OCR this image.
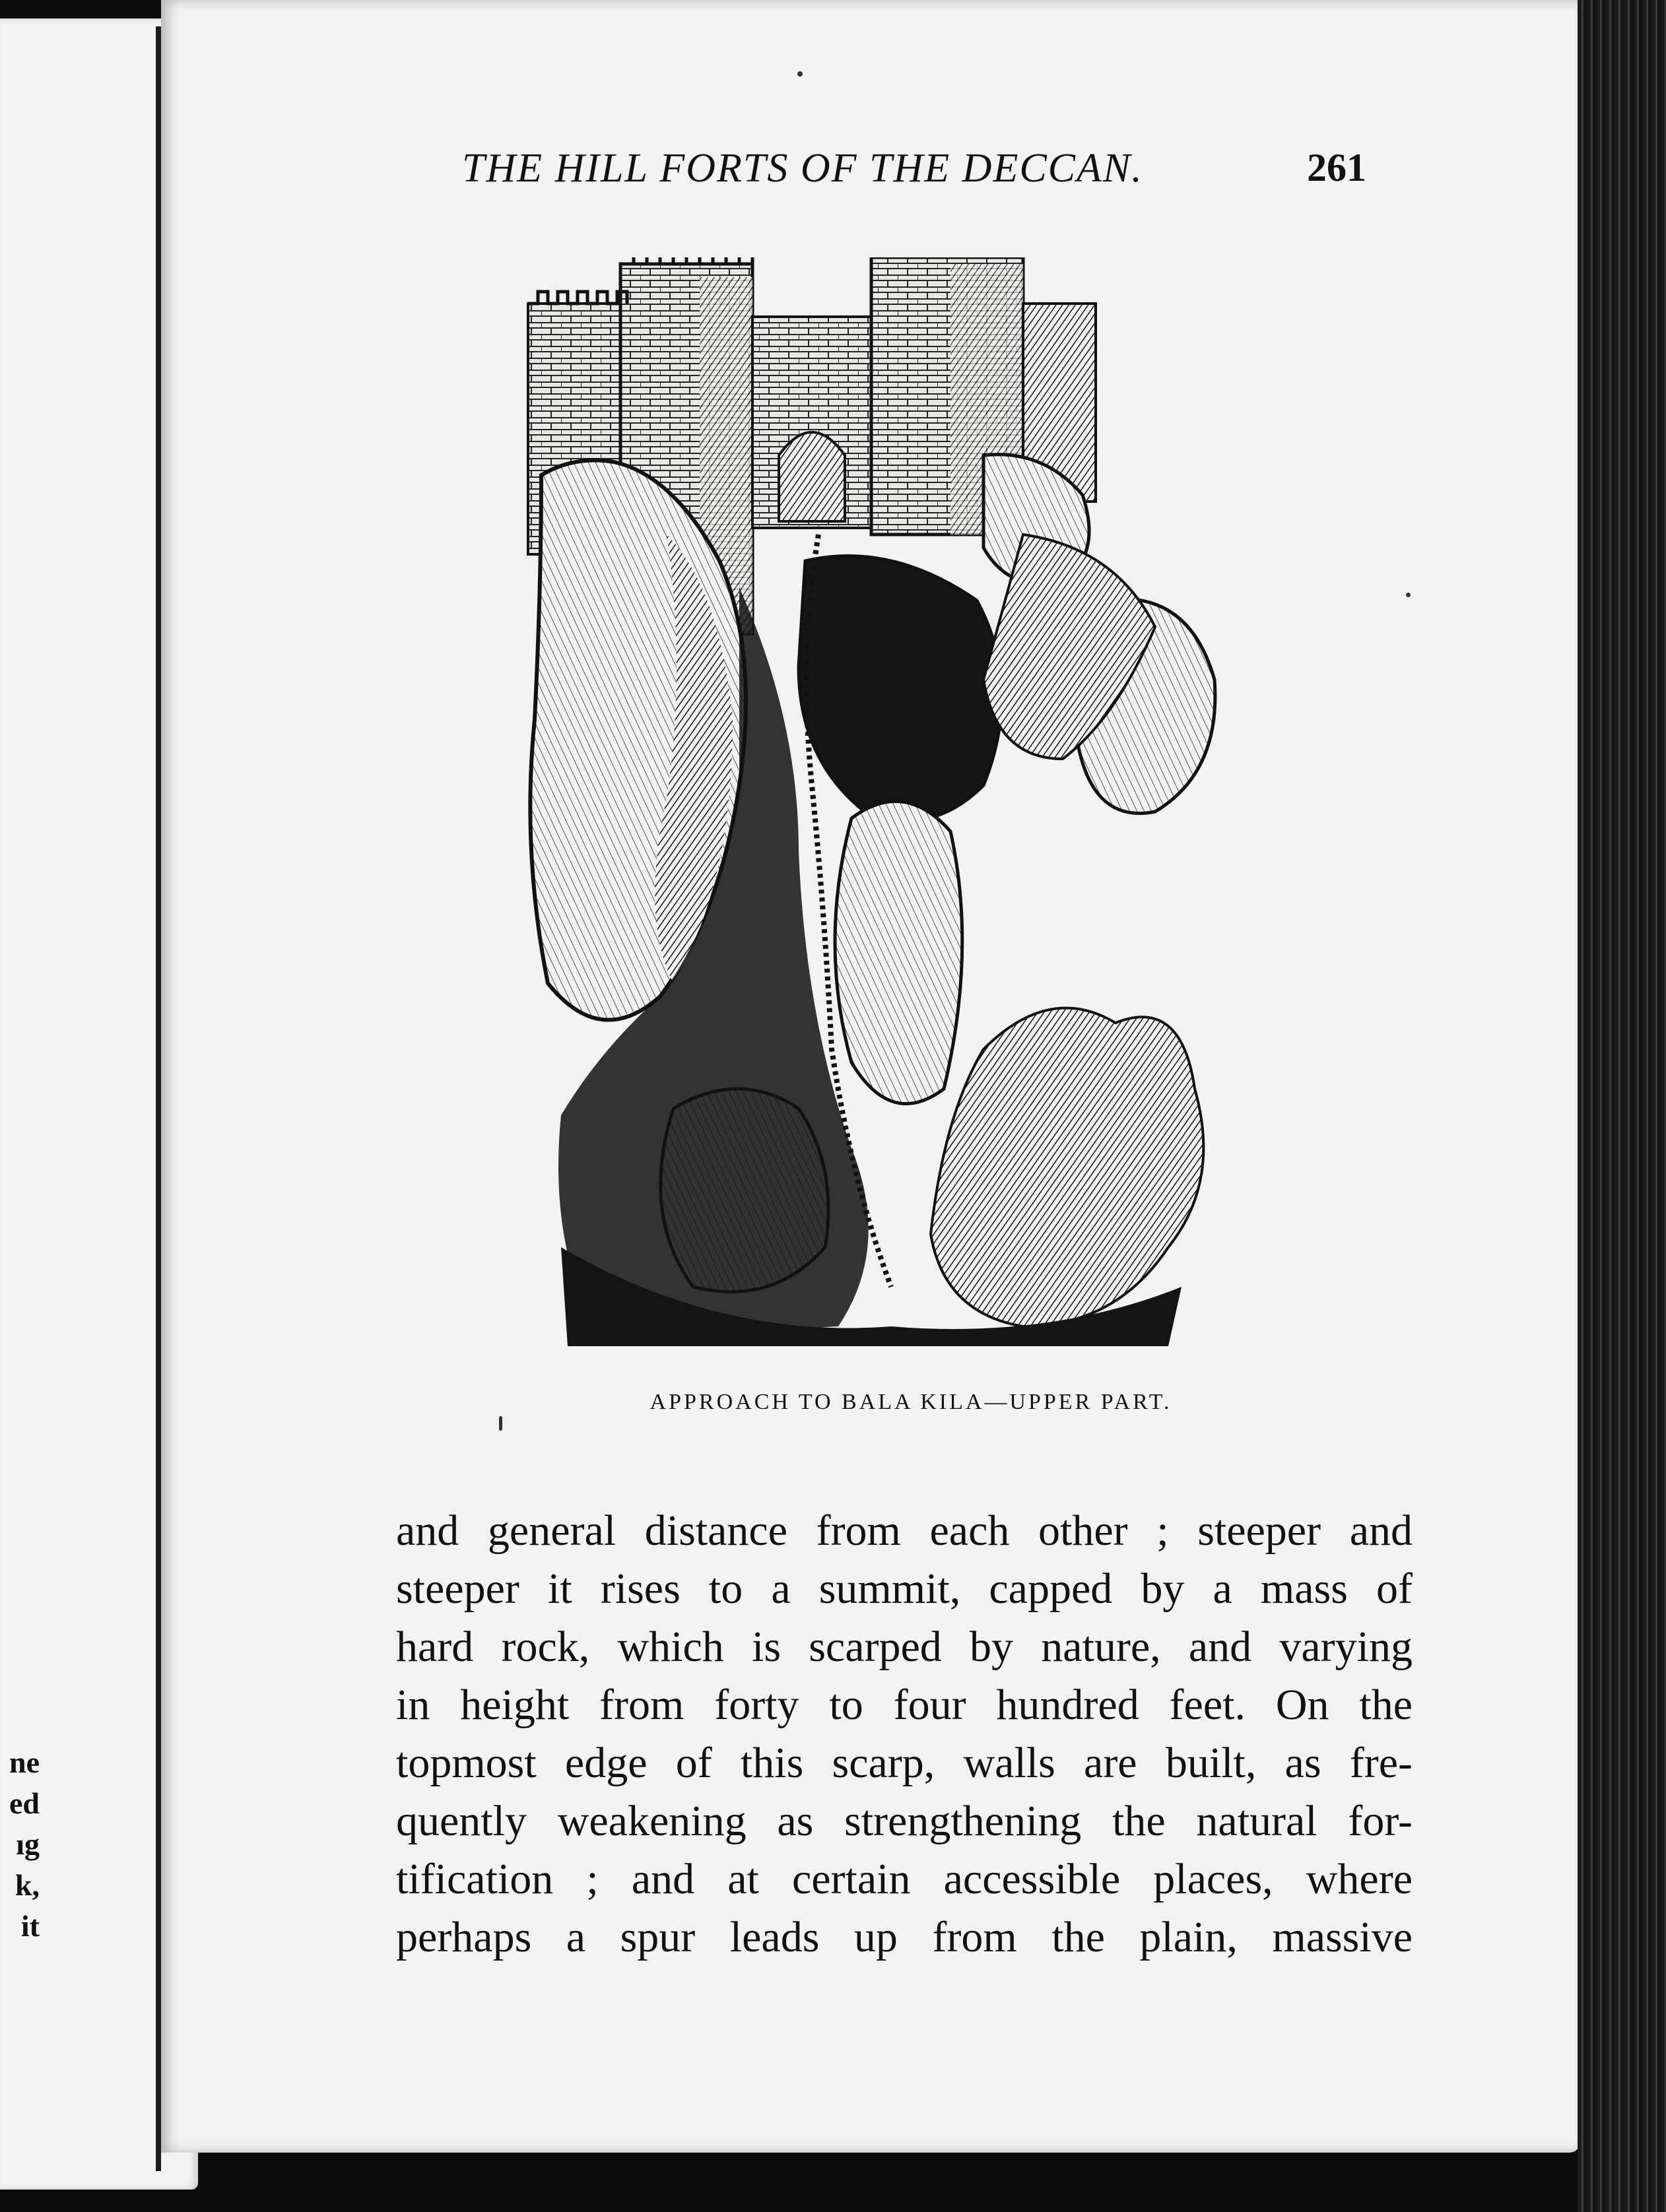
ne
ed
ıg
k,
it
THE HILL FORTS OF THE DECCAN.	261
APPROACH TO BALA KILA—UPPER PART.
and general distance from each other ; steeper and
steeper it rises to a summit, capped by a mass of
hard rock, which is scarped by nature, and varying
in height from forty to four hundred feet. On the
topmost edge of this scarp, walls are built, as fre-
quently weakening as strengthening the natural for-
tification ; and at certain accessible places, where
perhaps a spur leads up from the plain, massive
